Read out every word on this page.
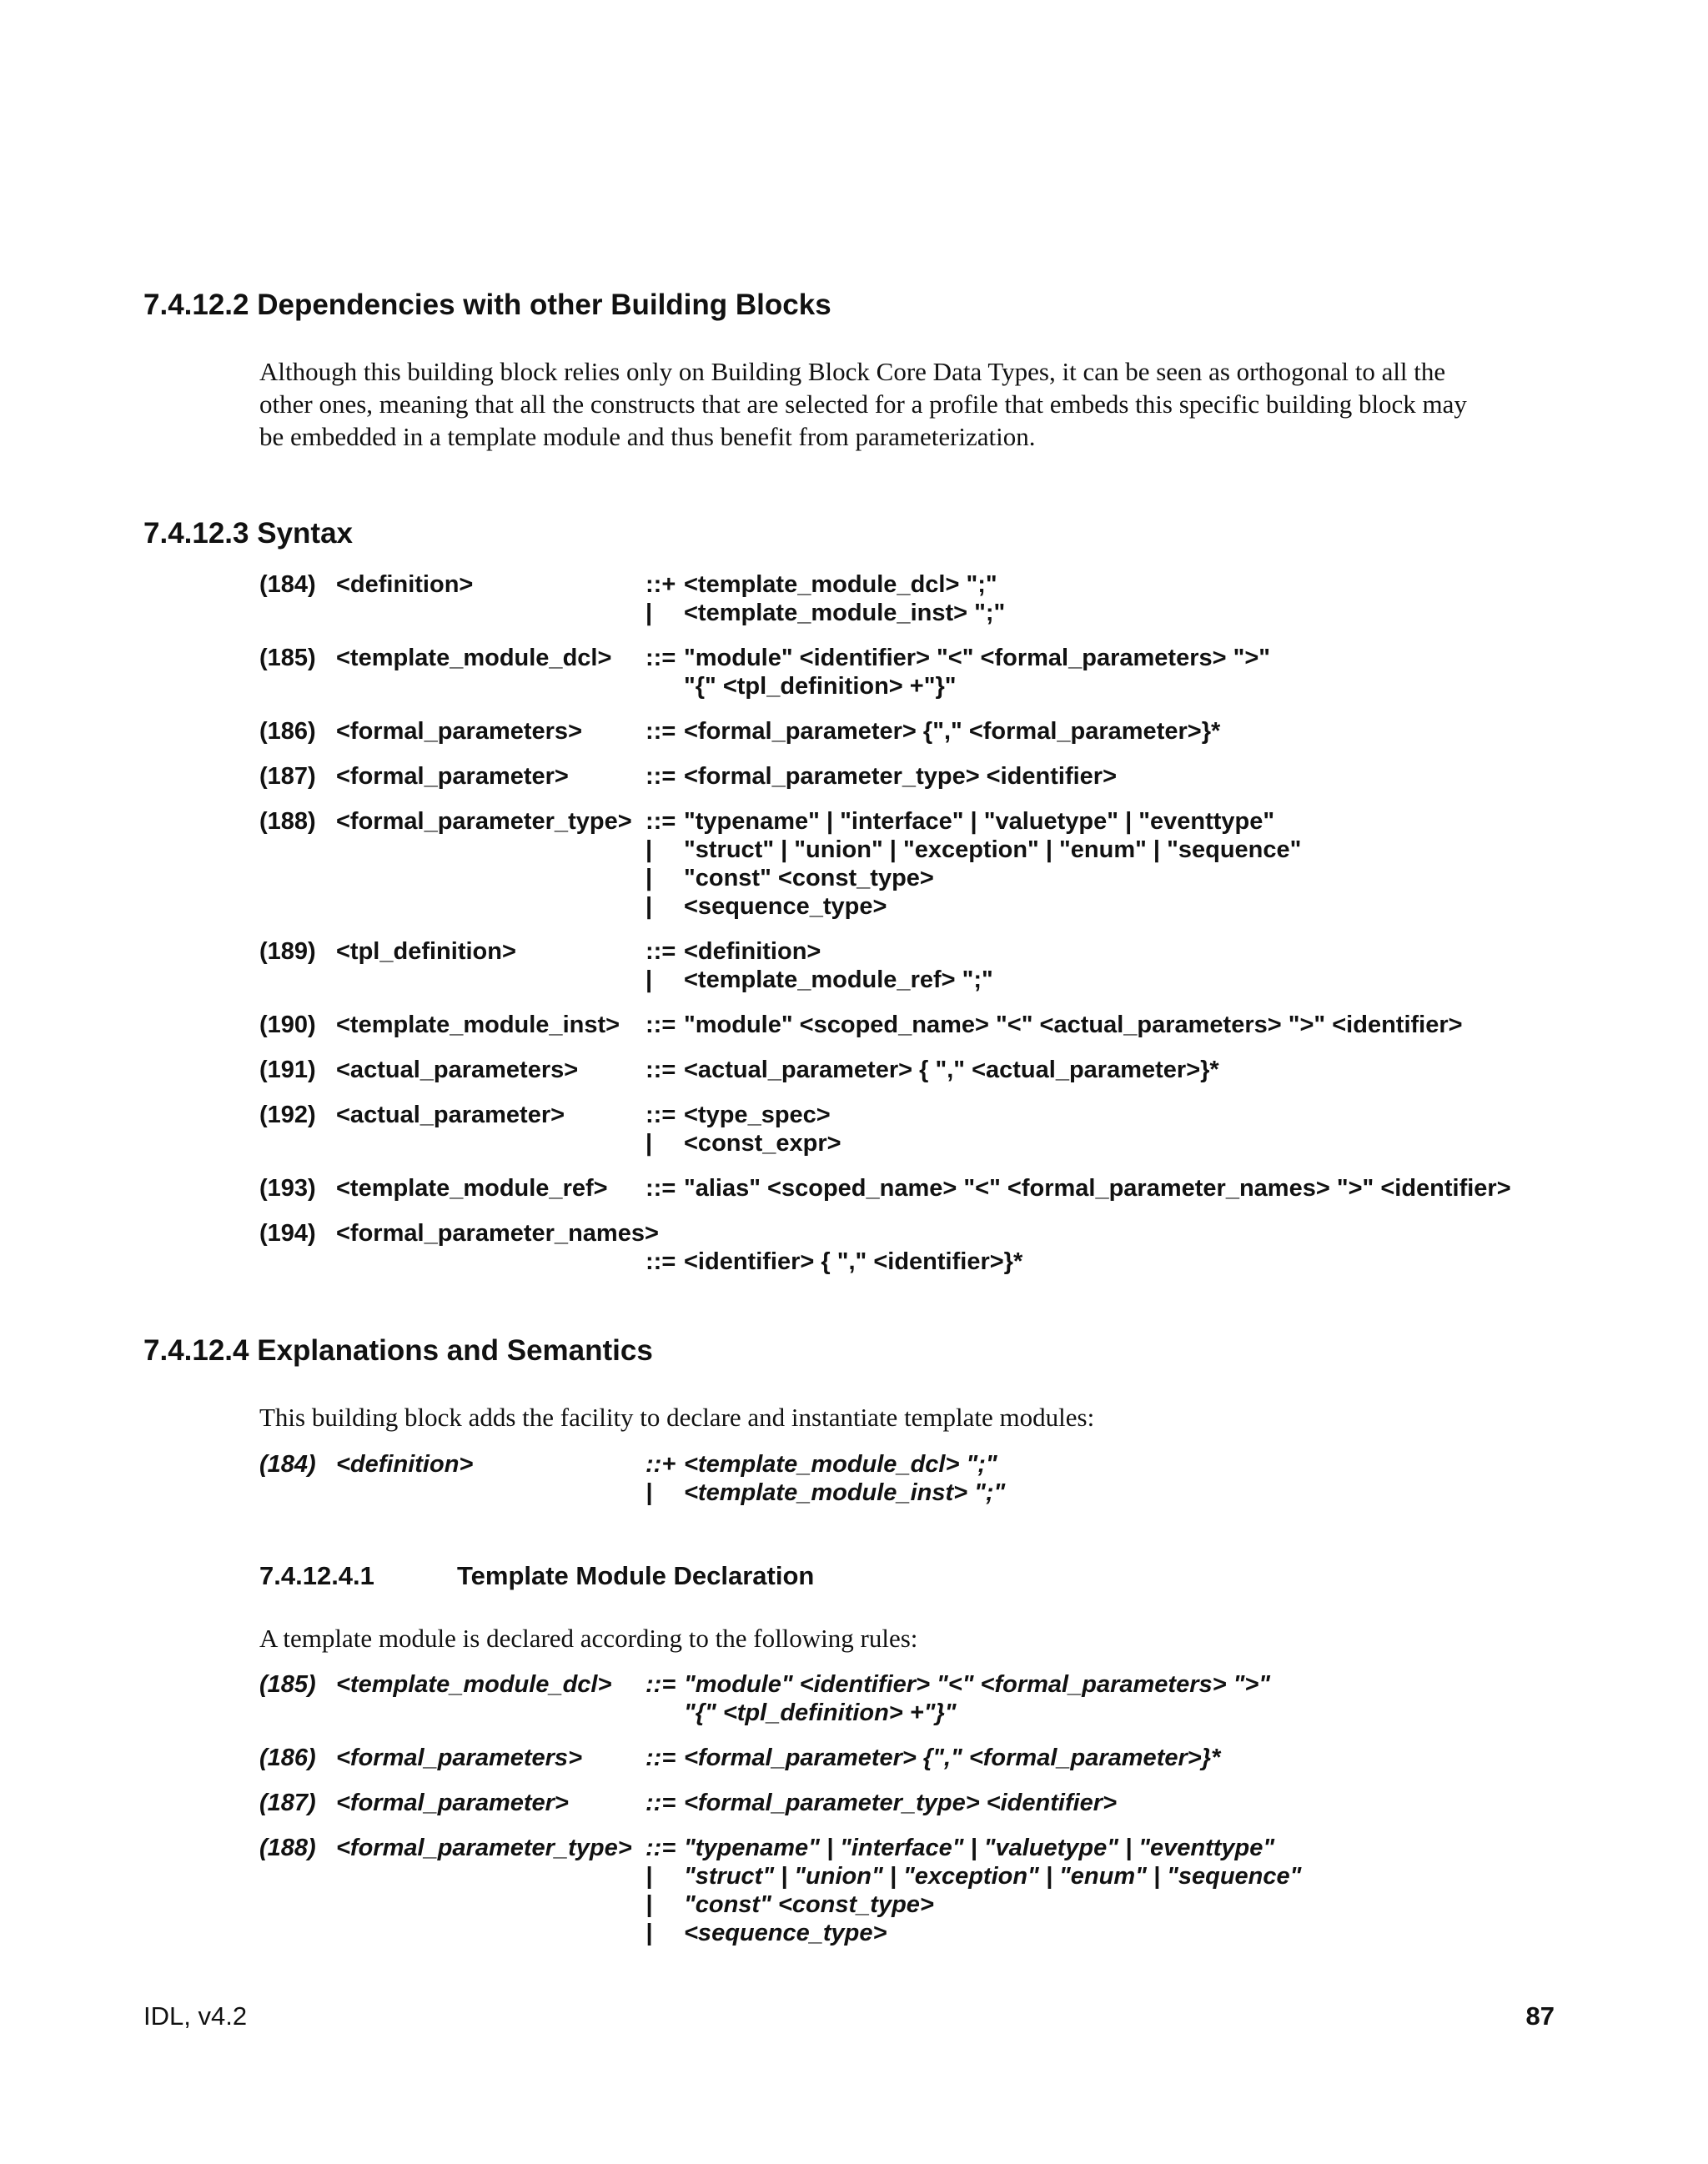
7.4.12.2 Dependencies with other Building Blocks

Although this building block relies only on Building Block Core Data Types, it can be seen as orthogonal to all the
other ones, meaning that all the constructs that are selected for a profile that embeds this specific building block may
be embedded in a template module and thus benefit from parameterization.

7.4.12.3 Syntax
(184) <definition>	::+ <template_module_dcl> ";"
| <template_module_inst> ";"
(185) <template_module_dcl> ::= "module" <identifier> "<" <formal_parameters> ">"
"{" <tpl_definition> +"}"
(186) <formal_parameters>	::= <formal_parameter> {"," <formal_parameter>}*
(187) <formal_parameter>	::= <formal_parameter_type> <identifier>
(188) <formal_parameter_type> ::= "typename" | "interface" | "valuetype" | "eventtype"
| "struct" | "union" | "exception" | "enum" | "sequence"
| "const" <const_type>
| <sequence_type>
(189) <tpl_definition>	::= <definition>
| <template_module_ref> ";"
(190) <template_module_inst> ::= "module" <scoped_name> "<" <actual_parameters> ">" <identifier>
(191) <actual_parameters>	::= <actual_parameter> { "," <actual_parameter>}*
(192) <actual_parameter>	::= <type_spec>
| <const_expr>
(193) <template_module_ref> ::= "alias" <scoped_name> "<" <formal_parameter_names> ">" <identifier>
(194) <formal_parameter_names>
::= <identifier> { "," <identifier>}*
7.4.12.4 Explanations and Semantics

This building block adds the facility to declare and instantiate template modules:

(184) <definition>	::+ <template_module_dcl> ";"
| <template_module_inst> ";"
7.4.12.4.1	Template Module Declaration

A template module is declared according to the following rules:

(185) <template_module_dcl> ::= "module" <identifier> "<" <formal_parameters> ">"
"{" <tpl_definition> +"}"
(186) <formal_parameters>	::= <formal_parameter> {"," <formal_parameter>}*
(187) <formal_parameter>	::= <formal_parameter_type> <identifier>
(188) <formal_parameter_type> ::= "typename" | "interface" | "valuetype" | "eventtype"
| "struct" | "union" | "exception" | "enum" | "sequence"
| "const" <const_type>
| <sequence_type>
IDL, v4.2	87
